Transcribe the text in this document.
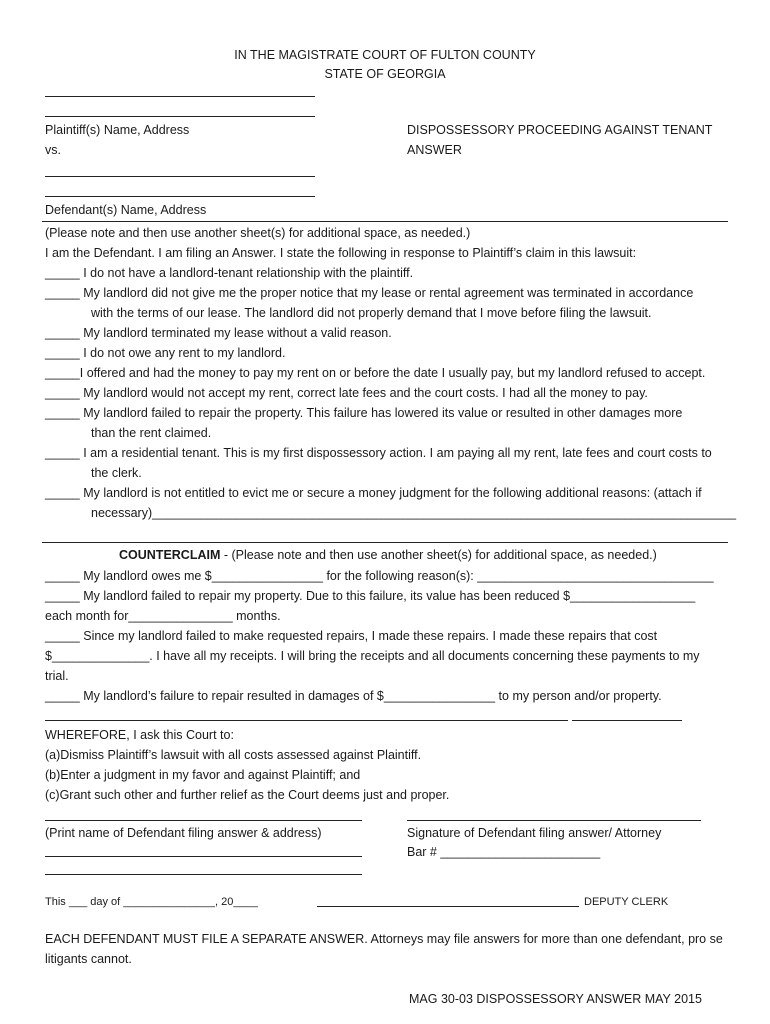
IN THE MAGISTRATE COURT OF FULTON COUNTY
STATE OF GEORGIA
Plaintiff(s) Name, Address
vs.
DISPOSSESSORY PROCEEDING AGAINST TENANT
ANSWER
Defendant(s) Name, Address
(Please note and then use another sheet(s) for additional space, as needed.)
I am the Defendant. I am filing an Answer. I state the following in response to Plaintiff’s claim in this lawsuit:
_____ I do not have a landlord-tenant relationship with the plaintiff.
_____ My landlord did not give me the proper notice that my lease or rental agreement was terminated in accordance
with the terms of our lease. The landlord did not properly demand that I move before filing the lawsuit.
_____ My landlord terminated my lease without a valid reason.
_____ I do not owe any rent to my landlord.
_____I offered and had the money to pay my rent on or before the date I usually pay, but my landlord refused to accept.
_____ My landlord would not accept my rent, correct late fees and the court costs. I had all the money to pay.
_____ My landlord failed to repair the property. This failure has lowered its value or resulted in other damages more
than the rent claimed.
_____ I am a residential tenant. This is my first dispossessory action. I am paying all my rent, late fees and court costs to
the clerk.
_____ My landlord is not entitled to evict me or secure a money judgment for the following additional reasons: (attach if
necessary)____________________________________________________________________________________
COUNTERCLAIM - (Please note and then use another sheet(s) for additional space, as needed.)
_____ My landlord owes me $________________ for the following reason(s): __________________________________
_____ My landlord failed to repair my property. Due to this failure, its value has been reduced $__________________
each month for_______________ months.
_____ Since my landlord failed to make requested repairs, I made these repairs. I made these repairs that cost
$______________. I have all my receipts. I will bring the receipts and all documents concerning these payments to my
trial.
_____ My landlord’s failure to repair resulted in damages of $________________ to my person and/or property.
WHEREFORE, I ask this Court to:
(a)Dismiss Plaintiff’s lawsuit with all costs assessed against Plaintiff.
(b)Enter a judgment in my favor and against Plaintiff; and
(c)Grant such other and further relief as the Court deems just and proper.
(Print name of Defendant filing answer & address)	Signature of Defendant filing answer/ Attorney
Bar # _______________________
This ___ day of _______________, 20____	DEPUTY CLERK
EACH DEFENDANT MUST FILE A SEPARATE ANSWER. Attorneys may file answers for more than one defendant, pro se
litigants cannot.
MAG 30-03 DISPOSSESSORY ANSWER MAY 2015
